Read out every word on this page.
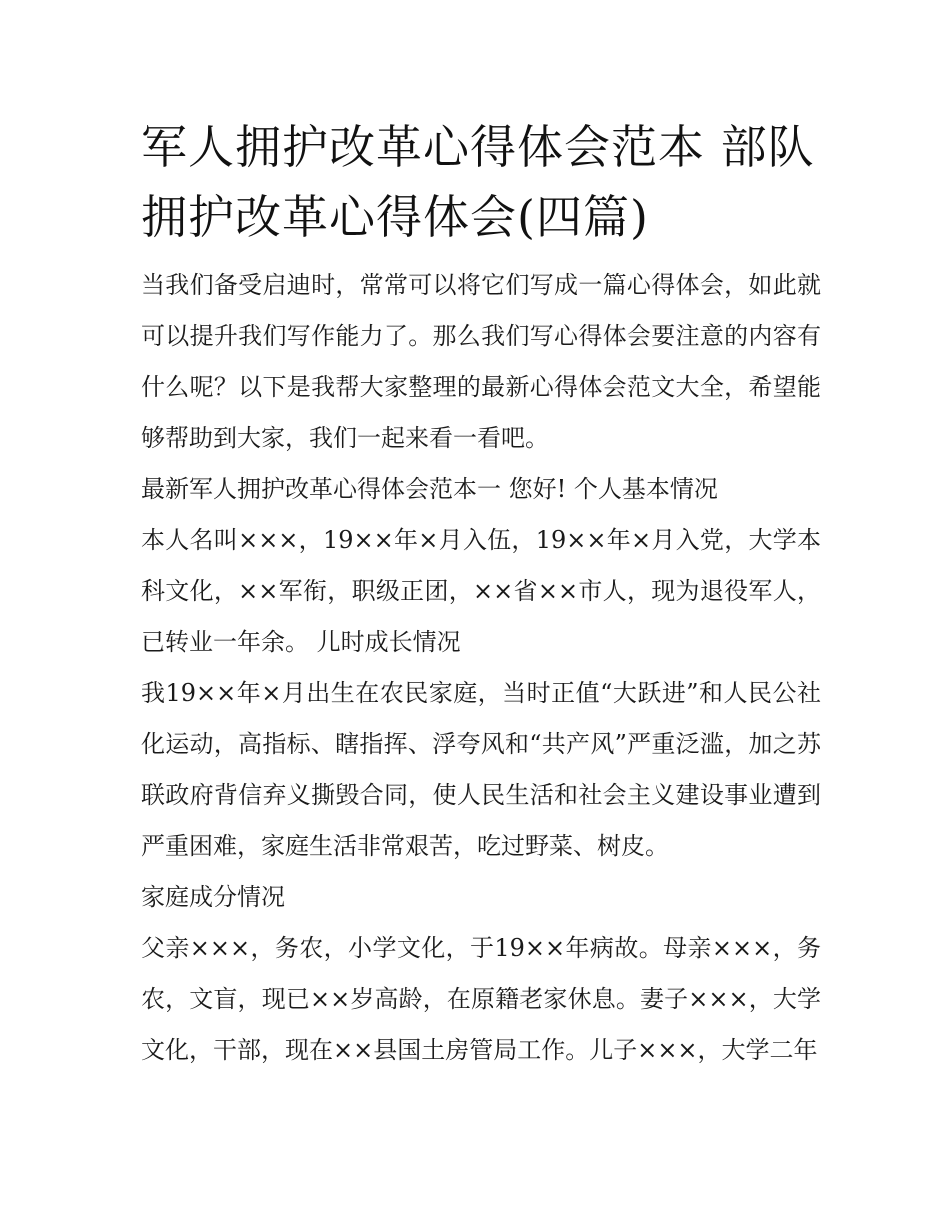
军人拥护改革心得体会范本 部队拥护改革心得体会(四篇)

当我们备受启迪时，常常可以将它们写成一篇心得体会，如此就可以提升我们写作能力了。那么我们写心得体会要注意的内容有什么呢？以下是我帮大家整理的最新心得体会范文大全，希望能够帮助到大家，我们一起来看一看吧。

最新军人拥护改革心得体会范本一 您好! 个人基本情况

本人名叫×××，19××年×月入伍，19××年×月入党，大学本科文化，××军衔，职级正团，××省××市人，现为退役军人，已转业一年余。 儿时成长情况

我19××年×月出生在农民家庭，当时正值“大跃进”和人民公社化运动，高指标、瞎指挥、浮夸风和“共产风”严重泛滥，加之苏联政府背信弃义撕毁合同，使人民生活和社会主义建设事业遭到严重困难，家庭生活非常艰苦，吃过野菜、树皮。

家庭成分情况

父亲×××，务农，小学文化，于19××年病故。母亲×××，务农，文盲，现已××岁高龄，在原籍老家休息。妻子×××，大学文化，干部，现在××县国土房管局工作。儿子×××，大学二年
